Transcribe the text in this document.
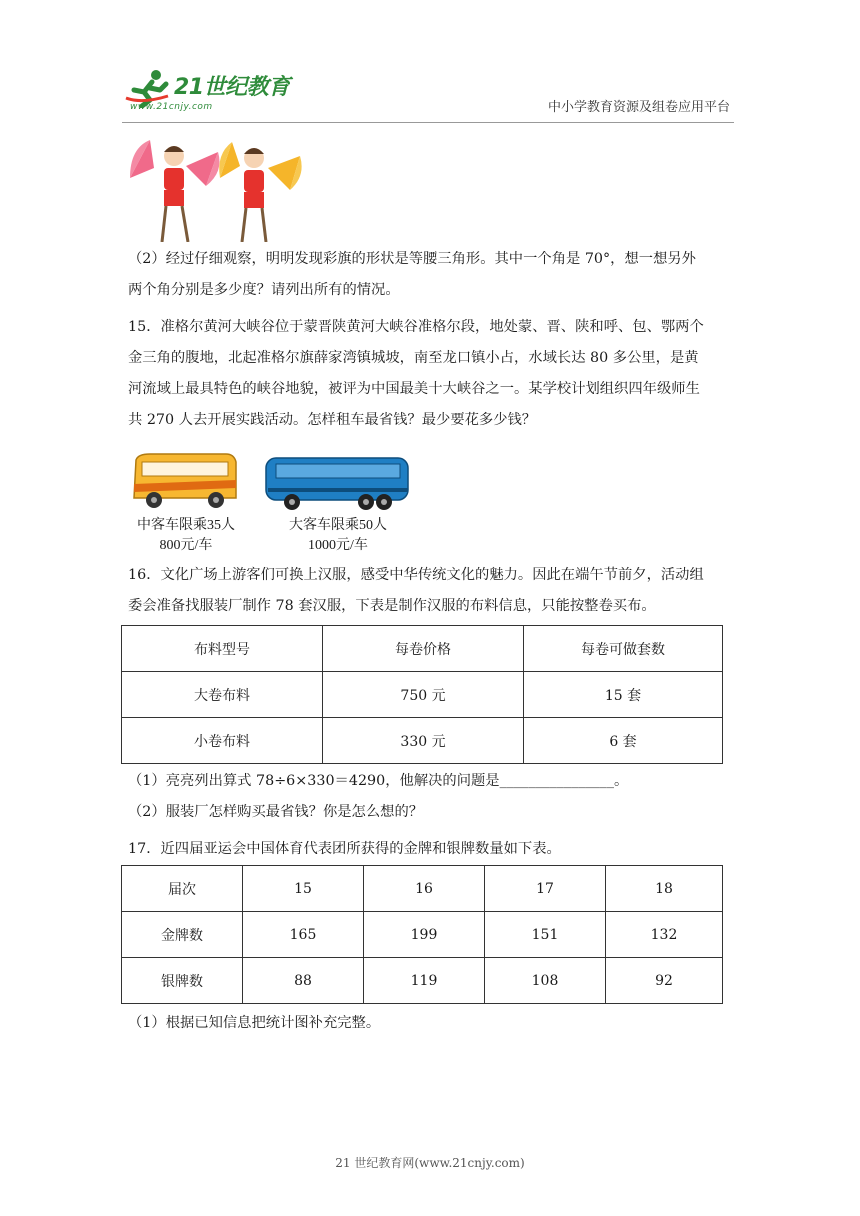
21世纪教育
www.21cnjy.com	中小学教育资源及组卷应用平台

（2）经过仔细观察，明明发现彩旗的形状是等腰三角形。其中一个角是 70°，想一想另外

两个角分别是多少度？请列出所有的情况。

15．准格尔黄河大峡谷位于蒙晋陕黄河大峡谷准格尔段，地处蒙、晋、陕和呼、包、鄂两个

金三角的腹地，北起准格尔旗薛家湾镇城坡，南至龙口镇小占，水域长达 80 多公里，是黄

河流域上最具特色的峡谷地貌，被评为中国最美十大峡谷之一。某学校计划组织四年级师生

共 270 人去开展实践活动。怎样租车最省钱？最少要花多少钱？

中客车限乘35人
800元/车
大客车限乘50人
1000元/车

16．文化广场上游客们可换上汉服，感受中华传统文化的魅力。因此在端午节前夕，活动组

委会准备找服装厂制作 78 套汉服，下表是制作汉服的布料信息，只能按整卷买布。

布料型号	每卷价格	每卷可做套数
大卷布料	750 元	15 套
小卷布料	330 元	6 套

（1）亮亮列出算式 78÷6×330＝4290，他解决的问题是________________。

（2）服装厂怎样购买最省钱？你是怎么想的？

17．近四届亚运会中国体育代表团所获得的金牌和银牌数量如下表。

届次	15	16	17	18
金牌数	165	199	151	132
银牌数	88	119	108	92

（1）根据已知信息把统计图补充完整。

21 世纪教育网(www.21cnjy.com)
